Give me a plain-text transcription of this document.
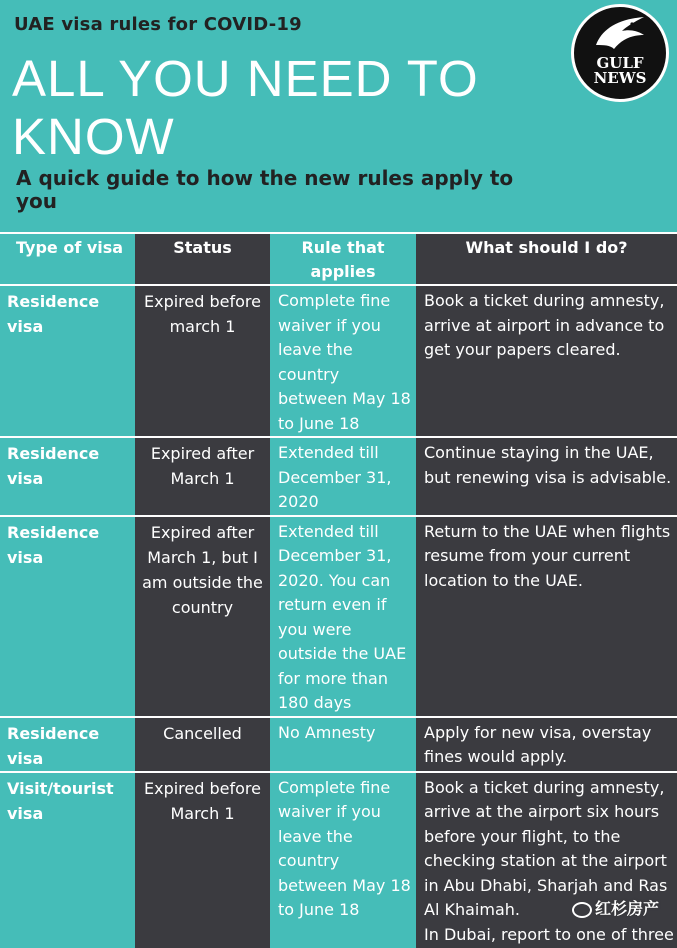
UAE visa rules for COVID-19
ALL YOU NEED TO KNOW
A quick guide to how the new rules apply to you
GULF
NEWS
Type of visa	Status	Rule that applies	What should I do?
Residence visa	Expired before march 1	Complete fine waiver if you leave the country between May 18 to June 18	Book a ticket during amnesty, arrive at airport in advance to get your papers cleared.
Residence visa	Expired after March 1	Extended till December 31, 2020	Continue staying in the UAE, but renewing visa is advisable.
Residence visa	Expired after March 1, but I am outside the country	Extended till December 31, 2020. You can return even if you were outside the UAE for more than 180 days	Return to the UAE when flights resume from your current location to the UAE.
Residence visa	Cancelled	No Amnesty	Apply for new visa, overstay fines would apply.
Visit/tourist visa	Expired before March 1	Complete fine waiver if you leave the country between May 18 to June 18	Book a ticket during amnesty, arrive at the airport six hours before your flight, to the checking station at the airport in Abu Dhabi, Sharjah and Ras Al Khaimah.
In Dubai, report to one of three
红杉房产
